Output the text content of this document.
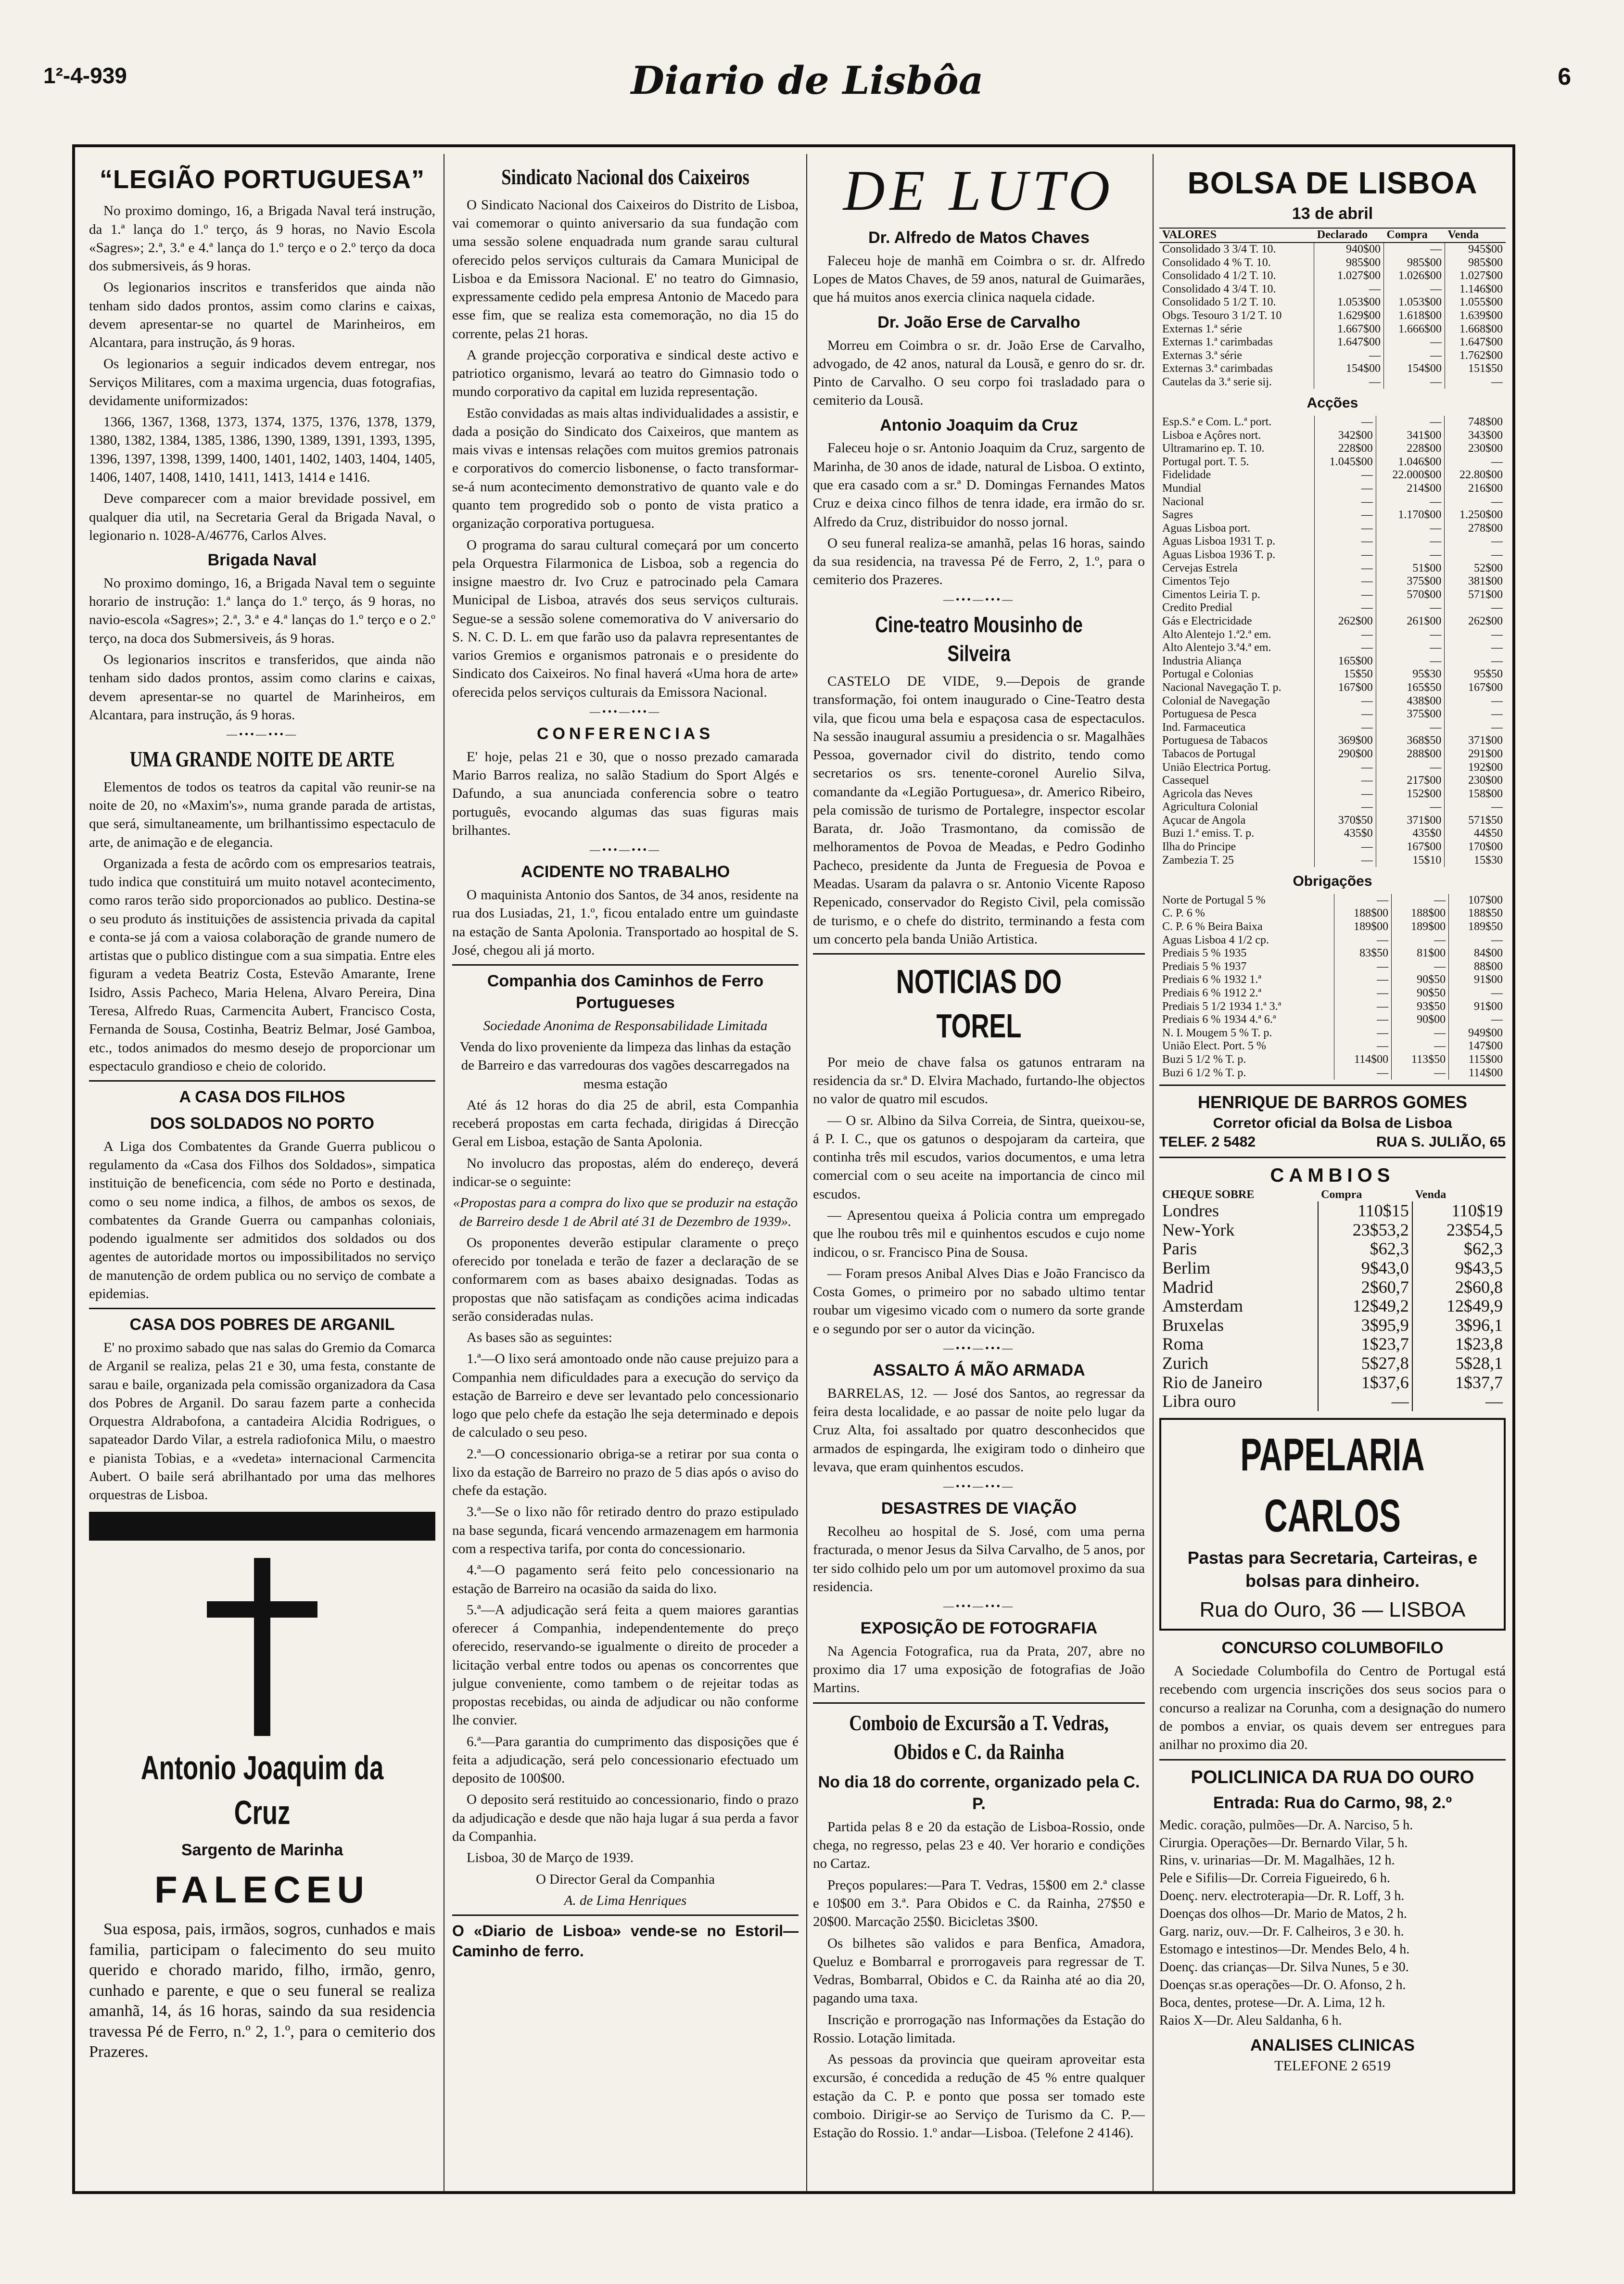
1²-4-939	Diario de Lisbôa	6
“LEGIÃO PORTUGUESA”

No proximo domingo, 16, a Brigada Naval terá instrução, da 1.ª lança do 1.º terço, ás 9 horas, no Navio Escola «Sagres»; 2.ª, 3.ª e 4.ª lança do 1.º terço e o 2.º terço da doca dos submersiveis, ás 9 horas.

Os legionarios inscritos e transferidos que ainda não tenham sido dados prontos, assim como clarins e caixas, devem apresentar-se no quartel de Marinheiros, em Alcantara, para instrução, ás 9 horas.

Os legionarios a seguir indicados devem entregar, nos Serviços Militares, com a maxima urgencia, duas fotografias, devidamente uniformizados:

1366, 1367, 1368, 1373, 1374, 1375, 1376, 1378, 1379, 1380, 1382, 1384, 1385, 1386, 1390, 1389, 1391, 1393, 1395, 1396, 1397, 1398, 1399, 1400, 1401, 1402, 1403, 1404, 1405, 1406, 1407, 1408, 1410, 1411, 1413, 1414 e 1416.

Deve comparecer com a maior brevidade possivel, em qualquer dia util, na Secretaria Geral da Brigada Naval, o legionario n. 1028-A/46776, Carlos Alves.

Brigada Naval

No proximo domingo, 16, a Brigada Naval tem o seguinte horario de instrução: 1.ª lança do 1.º terço, ás 9 horas, no navio-escola «Sagres»; 2.ª, 3.ª e 4.ª lanças do 1.º terço e o 2.º terço, na doca dos Submersiveis, ás 9 horas.

Os legionarios inscritos e transferidos, que ainda não tenham sido dados prontos, assim como clarins e caixas, devem apresentar-se no quartel de Marinheiros, em Alcantara, para instrução, ás 9 horas.

—•••—•••—
UMA GRANDE NOITE DE ARTE

Elementos de todos os teatros da capital vão reunir-se na noite de 20, no «Maxim's», numa grande parada de artistas, que será, simultaneamente, um brilhantissimo espectaculo de arte, de animação e de elegancia.

Organizada a festa de acôrdo com os empresarios teatrais, tudo indica que constituirá um muito notavel acontecimento, como raros terão sido proporcionados ao publico. Destina-se o seu produto ás instituições de assistencia privada da capital e conta-se já com a vaiosa colaboração de grande numero de artistas que o publico distingue com a sua simpatia. Entre eles figuram a vedeta Beatriz Costa, Estevão Amarante, Irene Isidro, Assis Pacheco, Maria Helena, Alvaro Pereira, Dina Teresa, Alfredo Ruas, Carmencita Aubert, Francisco Costa, Fernanda de Sousa, Costinha, Beatriz Belmar, José Gamboa, etc., todos animados do mesmo desejo de proporcionar um espectaculo grandioso e cheio de colorido.

A CASA DOS FILHOS
DOS SOLDADOS NO PORTO

A Liga dos Combatentes da Grande Guerra publicou o regulamento da «Casa dos Filhos dos Soldados», simpatica instituição de beneficencia, com séde no Porto e destinada, como o seu nome indica, a filhos, de ambos os sexos, de combatentes da Grande Guerra ou campanhas coloniais, podendo igualmente ser admitidos dos soldados ou dos agentes de autoridade mortos ou impossibilitados no serviço de manutenção de ordem publica ou no serviço de combate a epidemias.

CASA DOS POBRES DE ARGANIL

E' no proximo sabado que nas salas do Gremio da Comarca de Arganil se realiza, pelas 21 e 30, uma festa, constante de sarau e baile, organizada pela comissão organizadora da Casa dos Pobres de Arganil. Do sarau fazem parte a conhecida Orquestra Aldrabofona, a cantadeira Alcidia Rodrigues, o sapateador Dardo Vilar, a estrela radiofonica Milu, o maestro e pianista Tobias, e a «vedeta» internacional Carmencita Aubert. O baile será abrilhantado por uma das melhores orquestras de Lisboa.

Antonio Joaquim da Cruz
Sargento de Marinha
FALECEU

Sua esposa, pais, irmãos, sogros, cunhados e mais familia, participam o falecimento do seu muito querido e chorado marido, filho, irmão, genro, cunhado e parente, e que o seu funeral se realiza amanhã, 14, ás 16 horas, saindo da sua residencia travessa Pé de Ferro, n.º 2, 1.º, para o cemiterio dos Prazeres.

Sindicato Nacional dos Caixeiros

O Sindicato Nacional dos Caixeiros do Distrito de Lisboa, vai comemorar o quinto aniversario da sua fundação com uma sessão solene enquadrada num grande sarau cultural oferecido pelos serviços culturais da Camara Municipal de Lisboa e da Emissora Nacional. E' no teatro do Gimnasio, expressamente cedido pela empresa Antonio de Macedo para esse fim, que se realiza esta comemoração, no dia 15 do corrente, pelas 21 horas.

A grande projecção corporativa e sindical deste activo e patriotico organismo, levará ao teatro do Gimnasio todo o mundo corporativo da capital em luzida representação.

Estão convidadas as mais altas individualidades a assistir, e dada a posição do Sindicato dos Caixeiros, que mantem as mais vivas e intensas relações com muitos gremios patronais e corporativos do comercio lisbonense, o facto transformar-se-á num acontecimento demonstrativo de quanto vale e do quanto tem progredido sob o ponto de vista pratico a organização corporativa portuguesa.

O programa do sarau cultural começará por um concerto pela Orquestra Filarmonica de Lisboa, sob a regencia do insigne maestro dr. Ivo Cruz e patrocinado pela Camara Municipal de Lisboa, através dos seus serviços culturais. Segue-se a sessão solene comemorativa do V aniversario do S. N. C. D. L. em que farão uso da palavra representantes de varios Gremios e organismos patronais e o presidente do Sindicato dos Caixeiros. No final haverá «Uma hora de arte» oferecida pelos serviços culturais da Emissora Nacional.

—•••—•••—
CONFERENCIAS

E' hoje, pelas 21 e 30, que o nosso prezado camarada Mario Barros realiza, no salão Stadium do Sport Algés e Dafundo, a sua anunciada conferencia sobre o teatro português, evocando algumas das suas figuras mais brilhantes.

—•••—•••—
ACIDENTE NO TRABALHO

O maquinista Antonio dos Santos, de 34 anos, residente na rua dos Lusiadas, 21, 1.º, ficou entalado entre um guindaste na estação de Santa Apolonia. Transportado ao hospital de S. José, chegou ali já morto.

Companhia dos Caminhos de Ferro Portugueses

Sociedade Anonima de Responsabilidade Limitada

Venda do lixo proveniente da limpeza das linhas da estação de Barreiro e das varredouras dos vagões descarregados na mesma estação

Até ás 12 horas do dia 25 de abril, esta Companhia receberá propostas em carta fechada, dirigidas á Direcção Geral em Lisboa, estação de Santa Apolonia.

No involucro das propostas, além do endereço, deverá indicar-se o seguinte:

«Propostas para a compra do lixo que se produzir na estação de Barreiro desde 1 de Abril até 31 de Dezembro de 1939».

Os proponentes deverão estipular claramente o preço oferecido por tonelada e terão de fazer a declaração de se conformarem com as bases abaixo designadas. Todas as propostas que não satisfaçam as condições acima indicadas serão consideradas nulas.

As bases são as seguintes:

1.ª—O lixo será amontoado onde não cause prejuizo para a Companhia nem dificuldades para a execução do serviço da estação de Barreiro e deve ser levantado pelo concessionario logo que pelo chefe da estação lhe seja determinado e depois de calculado o seu peso.

2.ª—O concessionario obriga-se a retirar por sua conta o lixo da estação de Barreiro no prazo de 5 dias após o aviso do chefe da estação.

3.ª—Se o lixo não fôr retirado dentro do prazo estipulado na base segunda, ficará vencendo armazenagem em harmonia com a respectiva tarifa, por conta do concessionario.

4.ª—O pagamento será feito pelo concessionario na estação de Barreiro na ocasião da saida do lixo.

5.ª—A adjudicação será feita a quem maiores garantias oferecer á Companhia, independentemente do preço oferecido, reservando-se igualmente o direito de proceder a licitação verbal entre todos ou apenas os concorrentes que julgue conveniente, como tambem o de rejeitar todas as propostas recebidas, ou ainda de adjudicar ou não conforme lhe convier.

6.ª—Para garantia do cumprimento das disposições que é feita a adjudicação, será pelo concessionario efectuado um deposito de 100$00.

O deposito será restituido ao concessionario, findo o prazo da adjudicação e desde que não haja lugar á sua perda a favor da Companhia.

Lisboa, 30 de Março de 1939.

O Director Geral da Companhia

A. de Lima Henriques

O «Diario de Lisboa» vende-se no Estoril—Caminho de ferro.

DE LUTO
Dr. Alfredo de Matos Chaves

Faleceu hoje de manhã em Coimbra o sr. dr. Alfredo Lopes de Matos Chaves, de 59 anos, natural de Guimarães, que há muitos anos exercia clinica naquela cidade.

Dr. João Erse de Carvalho

Morreu em Coimbra o sr. dr. João Erse de Carvalho, advogado, de 42 anos, natural da Lousã, e genro do sr. dr. Pinto de Carvalho. O seu corpo foi trasladado para o cemiterio da Lousã.

Antonio Joaquim da Cruz

Faleceu hoje o sr. Antonio Joaquim da Cruz, sargento de Marinha, de 30 anos de idade, natural de Lisboa. O extinto, que era casado com a sr.ª D. Domingas Fernandes Matos Cruz e deixa cinco filhos de tenra idade, era irmão do sr. Alfredo da Cruz, distribuidor do nosso jornal.

O seu funeral realiza-se amanhã, pelas 16 horas, saindo da sua residencia, na travessa Pé de Ferro, 2, 1.º, para o cemiterio dos Prazeres.

—•••—•••—
Cine-teatro Mousinho de Silveira

CASTELO DE VIDE, 9.—Depois de grande transformação, foi ontem inaugurado o Cine-Teatro desta vila, que ficou uma bela e espaçosa casa de espectaculos. Na sessão inaugural assumiu a presidencia o sr. Magalhães Pessoa, governador civil do distrito, tendo como secretarios os srs. tenente-coronel Aurelio Silva, comandante da «Legião Portuguesa», dr. Americo Ribeiro, pela comissão de turismo de Portalegre, inspector escolar Barata, dr. João Trasmontano, da comissão de melhoramentos de Povoa de Meadas, e Pedro Godinho Pacheco, presidente da Junta de Freguesia de Povoa e Meadas. Usaram da palavra o sr. Antonio Vicente Raposo Repenicado, conservador do Registo Civil, pela comissão de turismo, e o chefe do distrito, terminando a festa com um concerto pela banda União Artistica.

NOTICIAS DO TOREL

Por meio de chave falsa os gatunos entraram na residencia da sr.ª D. Elvira Machado, furtando-lhe objectos no valor de quatro mil escudos.

— O sr. Albino da Silva Correia, de Sintra, queixou-se, á P. I. C., que os gatunos o despojaram da carteira, que continha três mil escudos, varios documentos, e uma letra comercial com o seu aceite na importancia de cinco mil escudos.

— Apresentou queixa á Policia contra um empregado que lhe roubou três mil e quinhentos escudos e cujo nome indicou, o sr. Francisco Pina de Sousa.

— Foram presos Anibal Alves Dias e João Francisco da Costa Gomes, o primeiro por no sabado ultimo tentar roubar um vigesimo vicado com o numero da sorte grande e o segundo por ser o autor da vicinção.

—•••—•••—
ASSALTO Á MÃO ARMADA

BARRELAS, 12. — José dos Santos, ao regressar da feira desta localidade, e ao passar de noite pelo lugar da Cruz Alta, foi assaltado por quatro desconhecidos que armados de espingarda, lhe exigiram todo o dinheiro que levava, que eram quinhentos escudos.

—•••—•••—
DESASTRES DE VIAÇÃO

Recolheu ao hospital de S. José, com uma perna fracturada, o menor Jesus da Silva Carvalho, de 5 anos, por ter sido colhido pelo um por um automovel proximo da sua residencia.

—•••—•••—
EXPOSIÇÃO DE FOTOGRAFIA

Na Agencia Fotografica, rua da Prata, 207, abre no proximo dia 17 uma exposição de fotografias de João Martins.

Comboio de Excursão a T. Vedras,
Obidos e C. da Rainha
No dia 18 do corrente, organizado pela C. P.

Partida pelas 8 e 20 da estação de Lisboa-Rossio, onde chega, no regresso, pelas 23 e 40. Ver horario e condições no Cartaz.

Preços populares:—Para T. Vedras, 15$00 em 2.ª classe e 10$00 em 3.ª. Para Obidos e C. da Rainha, 27$50 e 20$00. Marcação 25$0. Bicicletas 3$00.

Os bilhetes são validos e para Benfica, Amadora, Queluz e Bombarral e prorrogaveis para regressar de T. Vedras, Bombarral, Obidos e C. da Rainha até ao dia 20, pagando uma taxa.

Inscrição e prorrogação nas Informações da Estação do Rossio. Lotação limitada.

As pessoas da provincia que queiram aproveitar esta excursão, é concedida a redução de 45 % entre qualquer estação da C. P. e ponto que possa ser tomado este comboio. Dirigir-se ao Serviço de Turismo da C. P.—Estação do Rossio. 1.º andar—Lisboa. (Telefone 2 4146).

BOLSA DE LISBOA
13 de abril
VALORES	Declarado	Compra	Venda
Consolidado 3 3/4 T. 10.	940$00	—	945$00
Consolidado 4 % T. 10.	985$00	985$00	985$00
Consolidado 4 1/2 T. 10.	1.027$00	1.026$00	1.027$00
Consolidado 4 3/4 T. 10.	—	—	1.146$00
Consolidado 5 1/2 T. 10.	1.053$00	1.053$00	1.055$00
Obgs. Tesouro 3 1/2 T. 10	1.629$00	1.618$00	1.639$00
Externas 1.ª série	1.667$00	1.666$00	1.668$00
Externas 1.ª carimbadas	1.647$00	—	1.647$00
Externas 3.ª série	—	—	1.762$00
Externas 3.ª carimbadas	154$00	154$00	151$50
Cautelas da 3.ª serie sij.	—	—	—
Acções
Esp.S.ª e Com. L.ª port.	—	—	748$00
Lisboa e Açôres nort.	342$00	341$00	343$00
Ultramarino ep. T. 10.	228$00	228$00	230$00
Portugal port. T. 5.	1.045$00	1.046$00	—
Fidelidade	—	22.000$00	22.80$00
Mundial	—	214$00	216$00
Nacional	—	—	—
Sagres	—	1.170$00	1.250$00
Aguas Lisboa port.	—	—	278$00
Aguas Lisboa 1931 T. p.	—	—	—
Aguas Lisboa 1936 T. p.	—	—	—
Cervejas Estrela	—	51$00	52$00
Cimentos Tejo	—	375$00	381$00
Cimentos Leiria T. p.	—	570$00	571$00
Credito Predial	—	—	—
Gás e Electricidade	262$00	261$00	262$00
Alto Alentejo 1.ª2.ª em.	—	—	—
Alto Alentejo 3.ª4.ª em.	—	—	—
Industria Aliança	165$00	—	—
Portugal e Colonias	15$50	95$30	95$50
Nacional Navegação T. p.	167$00	165$50	167$00
Colonial de Navegação	—	438$00	—
Portuguesa de Pesca	—	375$00	—
Ind. Farmaceutica	—	—	—
Portuguesa de Tabacos	369$00	368$50	371$00
Tabacos de Portugal	290$00	288$00	291$00
União Electrica Portug.	—	—	192$00
Cassequel	—	217$00	230$00
Agricola das Neves	—	152$00	158$00
Agricultura Colonial	—	—	—
Açucar de Angola	370$50	371$00	571$50
Buzi 1.ª emiss. T. p.	435$0	435$0	44$50
Ilha do Principe	—	167$00	170$00
Zambezia T. 25	—	15$10	15$30
Obrigações
Norte de Portugal 5 %	—	—	107$00
C. P. 6 %	188$00	188$00	188$50
C. P. 6 % Beira Baixa	189$00	189$00	189$50
Aguas Lisboa 4 1/2 cp.	—	—	—
Prediais 5 % 1935	83$50	81$00	84$00
Prediais 5 % 1937	—	—	88$00
Prediais 6 % 1932 1.ª	—	90$50	91$00
Prediais 6 % 1912 2.ª	—	90$50	—
Prediais 5 1/2 1934 1.ª 3.ª	—	93$50	91$00
Prediais 6 % 1934 4.ª 6.ª	—	90$00	—
N. I. Mougem 5 % T. p.	—	—	949$00
União Elect. Port. 5 %	—	—	147$00
Buzi 5 1/2 % T. p.	114$00	113$50	115$00
Buzi 6 1/2 % T. p.	—	—	114$00
HENRIQUE DE BARROS GOMES
Corretor oficial da Bolsa de Lisboa
TELEF. 2 5482	RUA S. JULIÃO, 65
CAMBIOS
CHEQUE SOBRE	Compra	Venda
Londres	110$15	110$19
New-York	23$53,2	23$54,5
Paris	$62,3	$62,3
Berlim	9$43,0	9$43,5
Madrid	2$60,7	2$60,8
Amsterdam	12$49,2	12$49,9
Bruxelas	3$95,9	3$96,1
Roma	1$23,7	1$23,8
Zurich	5$27,8	5$28,1
Rio de Janeiro	1$37,6	1$37,7
Libra ouro	—	—
PAPELARIA CARLOS
Pastas para Secretaria, Carteiras, e bolsas para dinheiro.
Rua do Ouro, 36 — LISBOA
CONCURSO COLUMBOFILO

A Sociedade Columbofila do Centro de Portugal está recebendo com urgencia inscrições dos seus socios para o concurso a realizar na Corunha, com a designação do numero de pombos a enviar, os quais devem ser entregues para anilhar no proximo dia 20.

POLICLINICA DA RUA DO OURO
Entrada: Rua do Carmo, 98, 2.º
Medic. coração, pulmões—Dr. A. Narciso, 5 h.
Cirurgia. Operações—Dr. Bernardo Vilar, 5 h.
Rins, v. urinarias—Dr. M. Magalhães, 12 h.
Pele e Sifilis—Dr. Correia Figueiredo, 6 h.
Doenç. nerv. electroterapia—Dr. R. Loff, 3 h.
Doenças dos olhos—Dr. Mario de Matos, 2 h.
Garg. nariz, ouv.—Dr. F. Calheiros, 3 e 30. h.
Estomago e intestinos—Dr. Mendes Belo, 4 h.
Doenç. das crianças—Dr. Silva Nunes, 5 e 30.
Doenças sr.as operações—Dr. O. Afonso, 2 h.
Boca, dentes, protese—Dr. A. Lima, 12 h.
Raios X—Dr. Aleu Saldanha, 6 h.
ANALISES CLINICAS
TELEFONE 2 6519
